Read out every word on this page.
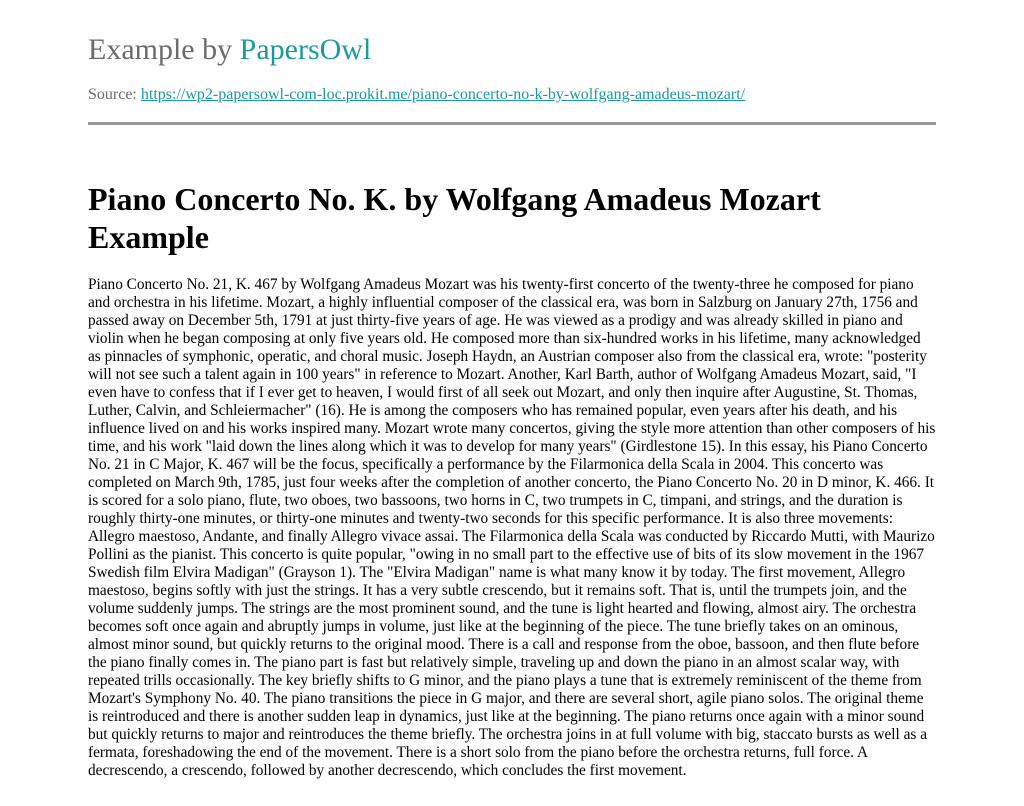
Example by PapersOwl
Source: https://wp2-papersowl-com-loc.prokit.me/piano-concerto-no-k-by-wolfgang-amadeus-mozart/
Piano Concerto No. K. by Wolfgang Amadeus Mozart Example

Piano Concerto No. 21, K. 467 by Wolfgang Amadeus Mozart was his twenty-first concerto of the twenty-three he composed for piano and orchestra in his lifetime. Mozart, a highly influential composer of the classical era, was born in Salzburg on January 27th, 1756 and passed away on December 5th, 1791 at just thirty-five years of age. He was viewed as a prodigy and was already skilled in piano and violin when he began composing at only five years old. He composed more than six-hundred works in his lifetime, many acknowledged as pinnacles of symphonic, operatic, and choral music. Joseph Haydn, an Austrian composer also from the classical era, wrote: "posterity will not see such a talent again in 100 years" in reference to Mozart. Another, Karl Barth, author of Wolfgang Amadeus Mozart, said, "I even have to confess that if I ever get to heaven, I would first of all seek out Mozart, and only then inquire after Augustine, St. Thomas, Luther, Calvin, and Schleiermacher" (16). He is among the composers who has remained popular, even years after his death, and his influence lived on and his works inspired many. Mozart wrote many concertos, giving the style more attention than other composers of his time, and his work "laid down the lines along which it was to develop for many years" (Girdlestone 15). In this essay, his Piano Concerto No. 21 in C Major, K. 467 will be the focus, specifically a performance by the Filarmonica della Scala in 2004. This concerto was completed on March 9th, 1785, just four weeks after the completion of another concerto, the Piano Concerto No. 20 in D minor, K. 466. It is scored for a solo piano, flute, two oboes, two bassoons, two horns in C, two trumpets in C, timpani, and strings, and the duration is roughly thirty-one minutes, or thirty-one minutes and twenty-two seconds for this specific performance. It is also three movements: Allegro maestoso, Andante, and finally Allegro vivace assai. The Filarmonica della Scala was conducted by Riccardo Mutti, with Maurizo Pollini as the pianist. This concerto is quite popular, "owing in no small part to the effective use of bits of its slow movement in the 1967 Swedish film Elvira Madigan" (Grayson 1). The "Elvira Madigan" name is what many know it by today. The first movement, Allegro maestoso, begins softly with just the strings. It has a very subtle crescendo, but it remains soft. That is, until the trumpets join, and the volume suddenly jumps. The strings are the most prominent sound, and the tune is light hearted and flowing, almost airy. The orchestra becomes soft once again and abruptly jumps in volume, just like at the beginning of the piece. The tune briefly takes on an ominous, almost minor sound, but quickly returns to the original mood. There is a call and response from the oboe, bassoon, and then flute before the piano finally comes in. The piano part is fast but relatively simple, traveling up and down the piano in an almost scalar way, with repeated trills occasionally. The key briefly shifts to G minor, and the piano plays a tune that is extremely reminiscent of the theme from Mozart's Symphony No. 40. The piano transitions the piece in G major, and there are several short, agile piano solos. The original theme is reintroduced and there is another sudden leap in dynamics, just like at the beginning. The piano returns once again with a minor sound but quickly returns to major and reintroduces the theme briefly. The orchestra joins in at full volume with big, staccato bursts as well as a fermata, foreshadowing the end of the movement. There is a short solo from the piano before the orchestra returns, full force. A decrescendo, a crescendo, followed by another decrescendo, which concludes the first movement.
